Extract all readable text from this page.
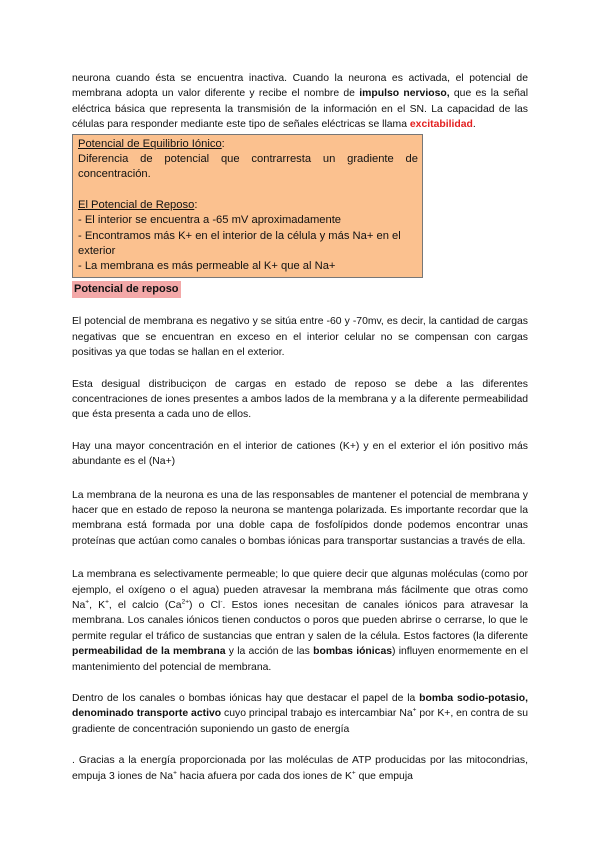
neurona cuando ésta se encuentra inactiva. Cuando la neurona es activada, el potencial de membrana adopta un valor diferente y recibe el nombre de impulso nervioso, que es la señal eléctrica básica que representa la transmisión de la información en el SN. La capacidad de las células para responder mediante este tipo de señales eléctricas se llama excitabilidad.

Potencial de Equilibrio Iónico:
Diferencia de potencial que contrarresta un gradiente de concentración.
El Potencial de Reposo:
- El interior se encuentra a -65 mV aproximadamente
- Encontramos más K+ en el interior de la célula y más Na+ en el exterior
- La membrana es más permeable al K+ que al Na+
Potencial de reposo

El potencial de membrana es negativo y se sitúa entre -60 y -70mv, es decir, la cantidad de cargas negativas que se encuentran en exceso en el interior celular no se compensan con cargas positivas ya que todas se hallan en el exterior.

Esta desigual distribuciçon de cargas en estado de reposo se debe a las diferentes concentraciones de iones presentes a ambos lados de la membrana y a la diferente permeabilidad que ésta presenta a cada uno de ellos.

Hay una mayor concentración en el interior de cationes (K+) y en el exterior el ión positivo más abundante es el (Na+)

La membrana de la neurona es una de las responsables de mantener el potencial de membrana y hacer que en estado de reposo la neurona se mantenga polarizada. Es importante recordar que la membrana está formada por una doble capa de fosfolípidos donde podemos encontrar unas proteínas que actúan como canales o bombas iónicas para transportar sustancias a través de ella.

La membrana es selectivamente permeable; lo que quiere decir que algunas moléculas (como por ejemplo, el oxígeno o el agua) pueden atravesar la membrana más fácilmente que otras como Na+, K+, el calcio $(Ca^{2+})$ o Cl-. Estos iones necesitan de canales iónicos para atravesar la membrana. Los canales iónicos tienen conductos o poros que pueden abrirse o cerrarse, lo que le permite regular el tráfico de sustancias que entran y salen de la célula. Estos factores (la diferente permeabilidad de la membrana y la acción de las bombas iónicas) influyen enormemente en el mantenimiento del potencial de membrana.

Dentro de los canales o bombas iónicas hay que destacar el papel de la bomba sodio-potasio, denominado transporte activo cuyo principal trabajo es intercambiar Na+ por K+, en contra de su gradiente de concentración suponiendo un gasto de energía

. Gracias a la energía proporcionada por las moléculas de ATP producidas por las mitocondrias, empuja 3 iones de Na+ hacia afuera por cada dos iones de K+ que empuja
